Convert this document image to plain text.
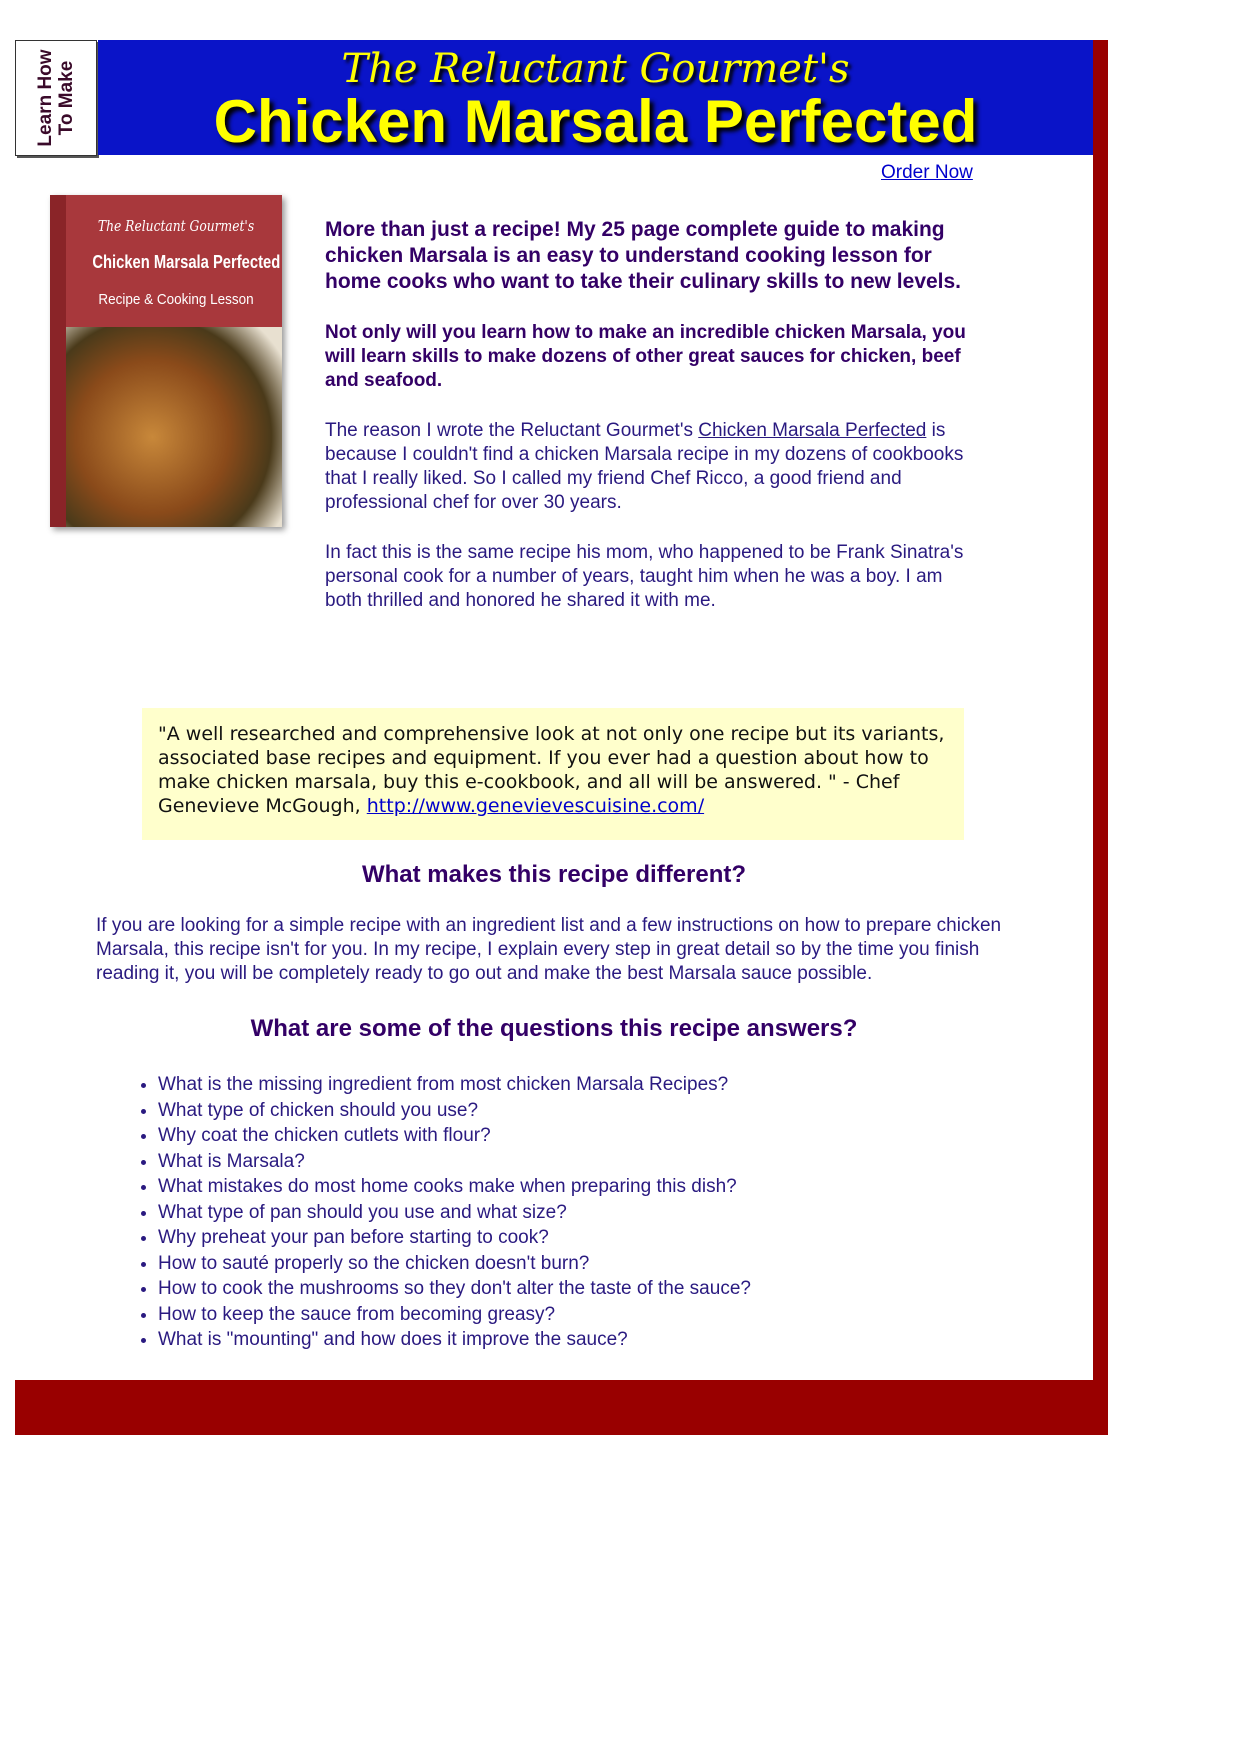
Learn How To Make	The Reluctant Gourmet's
Chicken Marsala Perfected
Order Now
The Reluctant Gourmet's
Chicken Marsala Perfected
Recipe & Cooking Lesson

More than just a recipe! My 25 page complete guide to making chicken Marsala is an easy to understand cooking lesson for home cooks who want to take their culinary skills to new levels.

Not only will you learn how to make an incredible chicken Marsala, you will learn skills to make dozens of other great sauces for chicken, beef and seafood.

The reason I wrote the Reluctant Gourmet's Chicken Marsala Perfected is because I couldn't find a chicken Marsala recipe in my dozens of cookbooks that I really liked. So I called my friend Chef Ricco, a good friend and professional chef for over 30 years.

In fact this is the same recipe his mom, who happened to be Frank Sinatra's personal cook for a number of years, taught him when he was a boy. I am both thrilled and honored he shared it with me.

"A well researched and comprehensive look at not only one recipe but its variants, associated base recipes and equipment. If you ever had a question about how to make chicken marsala, buy this e-cookbook, and all will be answered. " - Chef Genevieve McGough, http://www.genevievescuisine.com/
What makes this recipe different?
If you are looking for a simple recipe with an ingredient list and a few instructions on how to prepare chicken Marsala, this recipe isn't for you. In my recipe, I explain every step in great detail so by the time you finish reading it, you will be completely ready to go out and make the best Marsala sauce possible.
What are some of the questions this recipe answers?
• What is the missing ingredient from most chicken Marsala Recipes?
• What type of chicken should you use?
• Why coat the chicken cutlets with flour?
• What is Marsala?
• What mistakes do most home cooks make when preparing this dish?
• What type of pan should you use and what size?
• Why preheat your pan before starting to cook?
• How to sauté properly so the chicken doesn't burn?
• How to cook the mushrooms so they don't alter the taste of the sauce?
• How to keep the sauce from becoming greasy?
• What is "mounting" and how does it improve the sauce?
